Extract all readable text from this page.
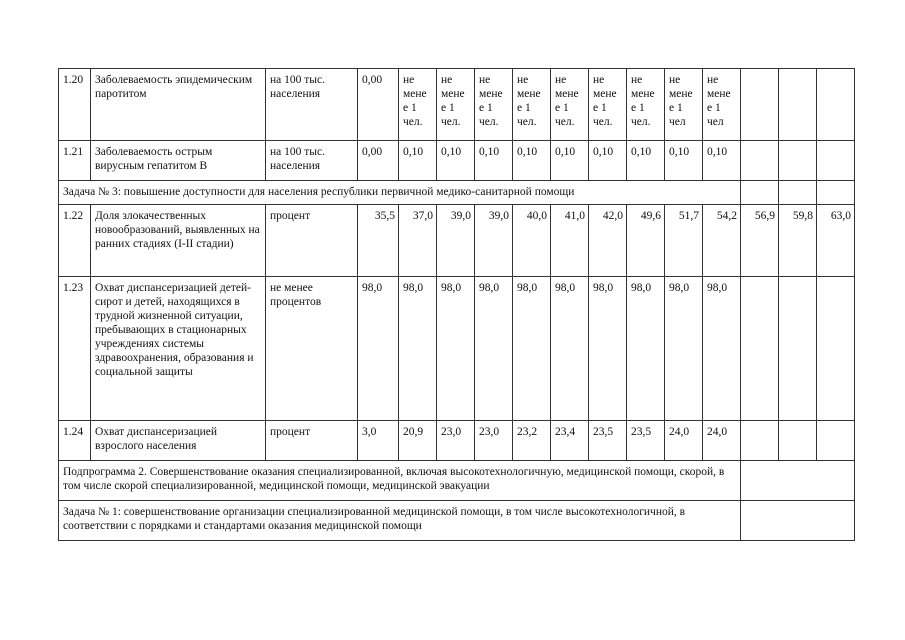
1.20	Заболеваемость эпидемическим паротитом	на 100 тыс. населения	0,00	не мене е 1 чел.	не мене е 1 чел.	не мене е 1 чел.	не мене е 1 чел.	не мене е 1 чел.	не мене е 1 чел.	не мене е 1 чел.	не мене е 1 чел	не мене е 1 чел			
1.21	Заболеваемость острым вирусным гепатитом В	на 100 тыс. населения	0,00	0,10	0,10	0,10	0,10	0,10	0,10	0,10	0,10	0,10			
Задача № 3: повышение доступности для населения республики первичной медико-санитарной помощи															
1.22	Доля злокачественных новообразований, выявленных на ранних стадиях (I-II стадии)	процент	35,5	37,0	39,0	39,0	40,0	41,0	42,0	49,6	51,7	54,2	56,9	59,8	63,0
1.23	Охват диспансеризацией детей-сирот и детей, находящихся в трудной жизненной ситуации, пребывающих в стационарных учреждениях системы здравоохранения, образования и социальной защиты	не менее процентов	98,0	98,0	98,0	98,0	98,0	98,0	98,0	98,0	98,0	98,0			
1.24	Охват диспансеризацией взрослого населения	процент	3,0	20,9	23,0	23,0	23,2	23,4	23,5	23,5	24,0	24,0			
Подпрограмма 2. Совершенствование оказания специализированной, включая высокотехнологичную, медицинской помощи, скорой, в том числе скорой специализированной, медицинской помощи, медицинской эвакуации															
Задача № 1: совершенствование организации специализированной медицинской помощи, в том числе высокотехнологичной, в соответствии с порядками и стандартами оказания медицинской помощи															
